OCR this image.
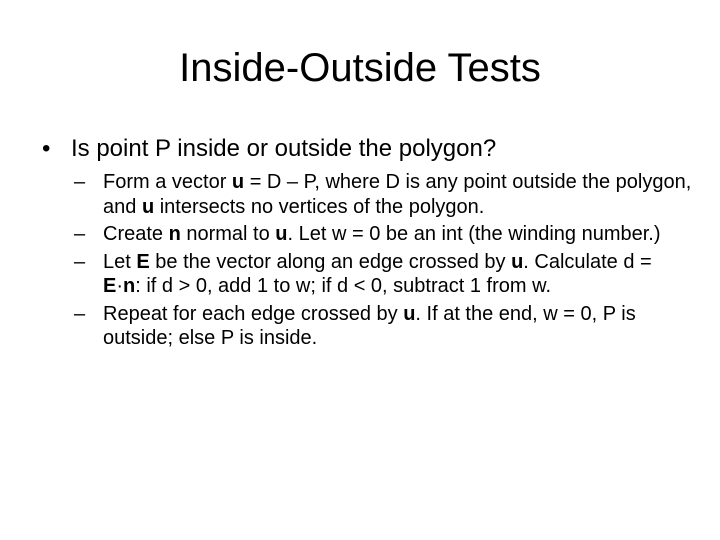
Inside-Outside Tests
• Is point P inside or outside the polygon?
– Form a vector u = D – P, where D is any point outside the polygon, and u intersects no vertices of the polygon.
– Create n normal to u. Let w = 0 be an int (the winding number.)
– Let E be the vector along an edge crossed by u. Calculate d = E·n: if d > 0, add 1 to w; if d < 0, subtract 1 from w.
– Repeat for each edge crossed by u. If at the end, w = 0, P is outside; else P is inside.
